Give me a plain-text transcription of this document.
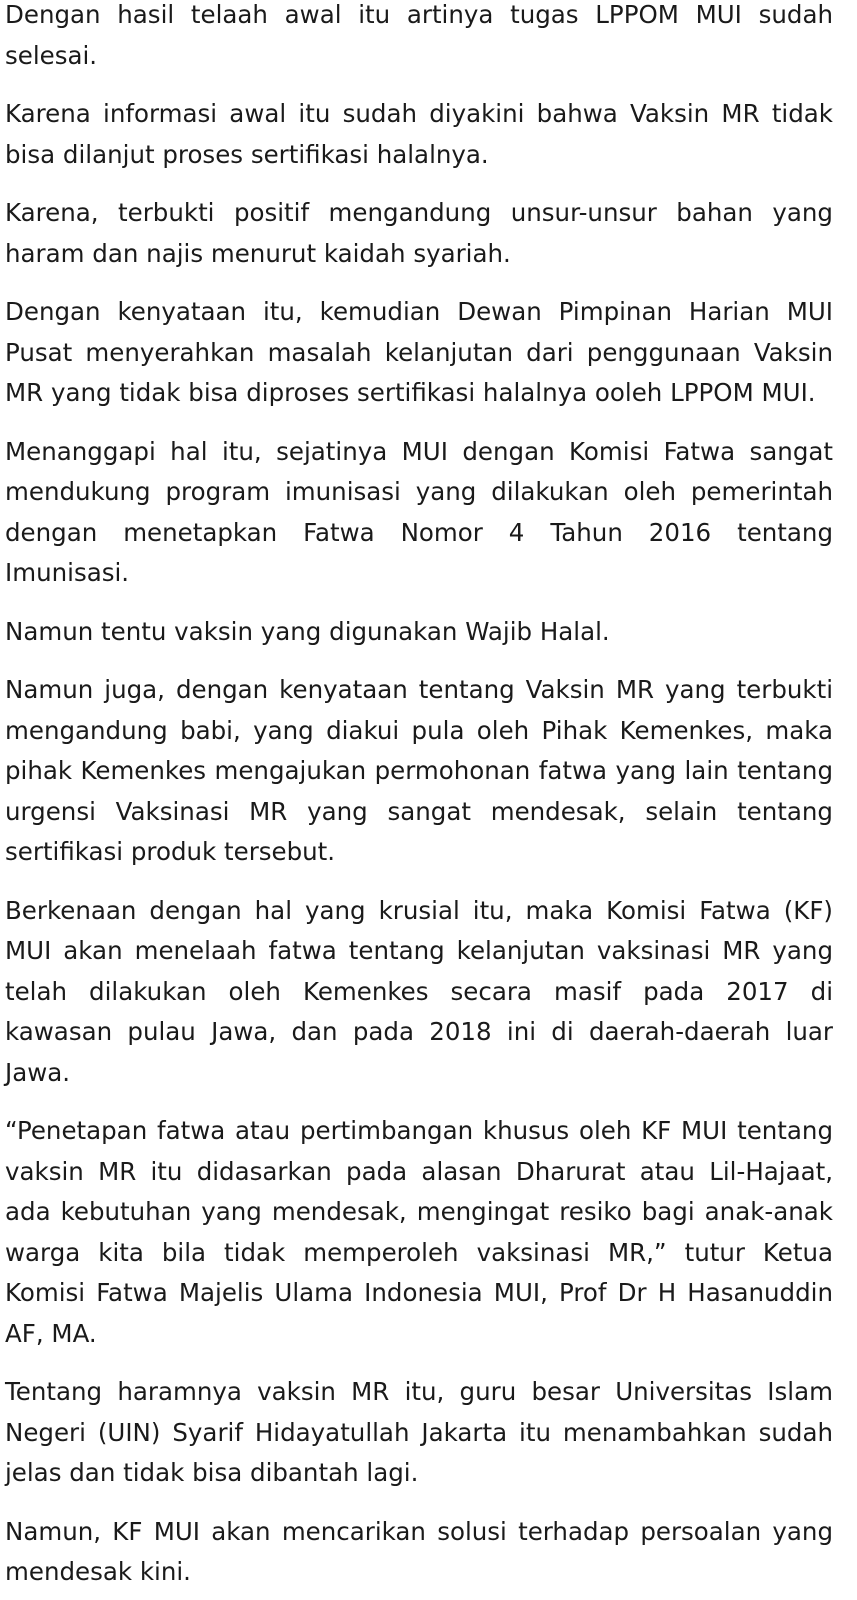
Dengan hasil telaah awal itu artinya tugas LPPOM MUI sudah selesai.

Karena informasi awal itu sudah diyakini bahwa Vaksin MR tidak bisa dilanjut proses sertifikasi halalnya.

Karena, terbukti positif mengandung unsur-unsur bahan yang haram dan najis menurut kaidah syariah.

Dengan kenyataan itu, kemudian Dewan Pimpinan Harian MUI Pusat menyerahkan masalah kelanjutan dari penggunaan Vaksin MR yang tidak bisa diproses sertifikasi halalnya ooleh LPPOM MUI.

Menanggapi hal itu, sejatinya MUI dengan Komisi Fatwa sangat mendukung program imunisasi yang dilakukan oleh pemerintah dengan menetapkan Fatwa Nomor 4 Tahun 2016 tentang Imunisasi.

Namun tentu vaksin yang digunakan Wajib Halal.

Namun juga, dengan kenyataan tentang Vaksin MR yang terbukti mengandung babi, yang diakui pula oleh Pihak Kemenkes, maka pihak Kemenkes mengajukan permohonan fatwa yang lain tentang urgensi Vaksinasi MR yang sangat mendesak, selain tentang sertifikasi produk tersebut.

Berkenaan dengan hal yang krusial itu, maka Komisi Fatwa (KF) MUI akan menelaah fatwa tentang kelanjutan vaksinasi MR yang telah dilakukan oleh Kemenkes secara masif pada 2017 di kawasan pulau Jawa, dan pada 2018 ini di daerah-daerah luar Jawa.

“Penetapan fatwa atau pertimbangan khusus oleh KF MUI tentang vaksin MR itu didasarkan pada alasan Dharurat atau Lil-Hajaat, ada kebutuhan yang mendesak, mengingat resiko bagi anak-anak warga kita bila tidak memperoleh vaksinasi MR,” tutur Ketua Komisi Fatwa Majelis Ulama Indonesia MUI, Prof Dr H Hasanuddin AF, MA.

Tentang haramnya vaksin MR itu, guru besar Universitas Islam Negeri (UIN) Syarif Hidayatullah Jakarta itu menambahkan sudah jelas dan tidak bisa dibantah lagi.

Namun, KF MUI akan mencarikan solusi terhadap persoalan yang mendesak kini.
